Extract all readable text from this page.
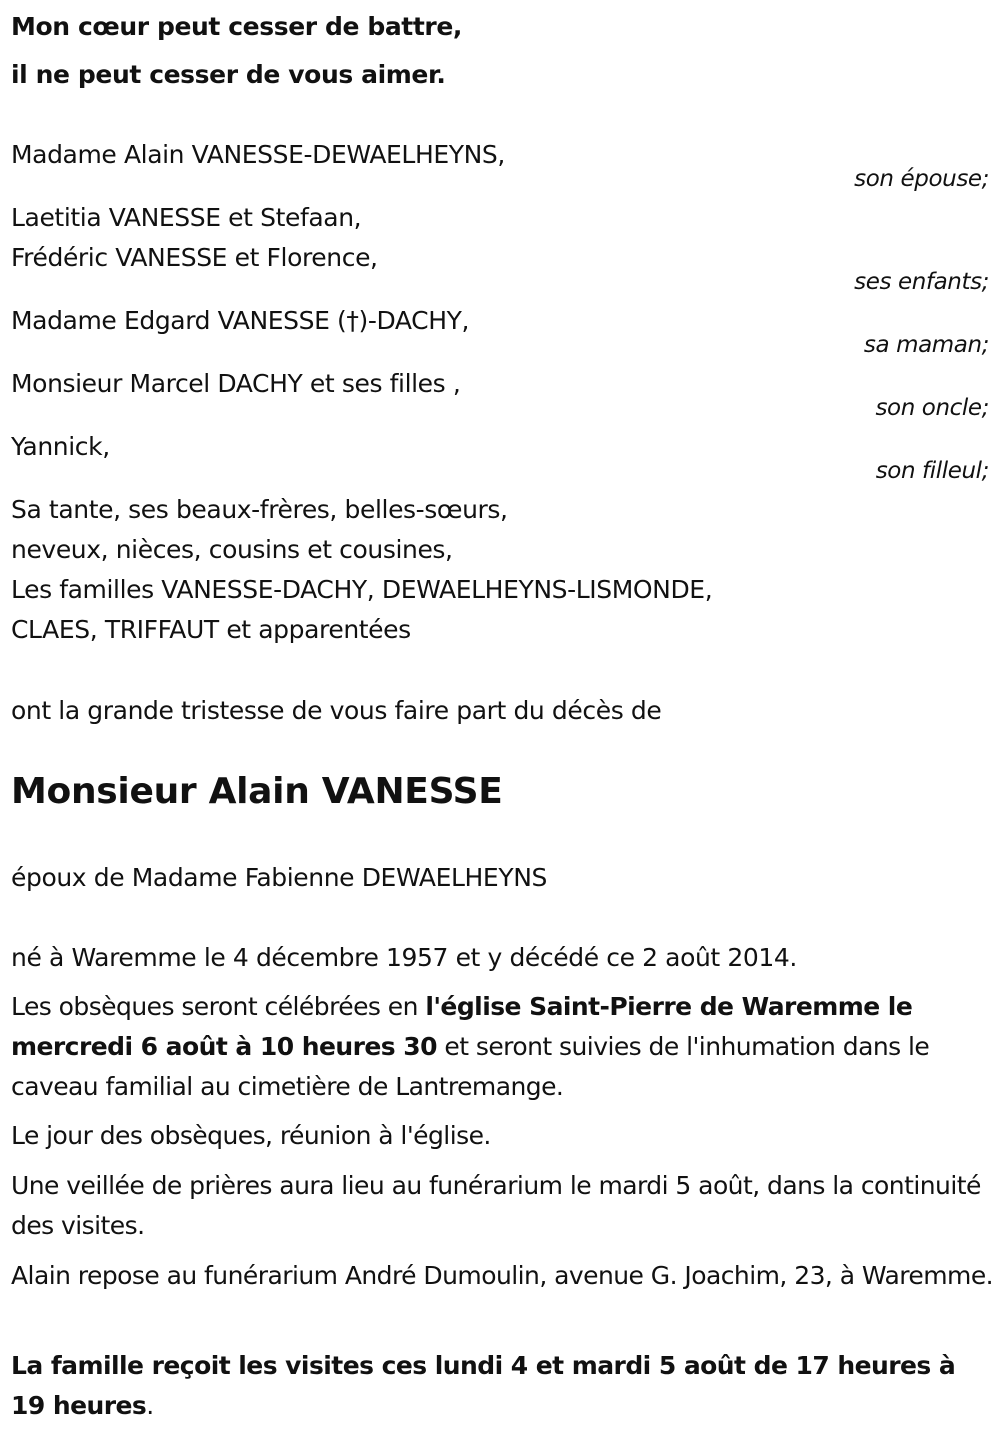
Mon cœur peut cesser de battre,
il ne peut cesser de vous aimer.
Madame Alain VANESSE-DEWAELHEYNS,
son épouse;
Laetitia VANESSE et Stefaan,
Frédéric VANESSE et Florence,
ses enfants;
Madame Edgard VANESSE (†)-DACHY,
sa maman;
Monsieur Marcel DACHY et ses filles ,
son oncle;
Yannick,
son filleul;
Sa tante, ses beaux-frères, belles-sœurs,
neveux, nièces, cousins et cousines,
Les familles VANESSE-DACHY, DEWAELHEYNS-LISMONDE,
CLAES, TRIFFAUT et apparentées
ont la grande tristesse de vous faire part du décès de
Monsieur Alain VANESSE
époux de Madame Fabienne DEWAELHEYNS
né à Waremme le 4 décembre 1957 et y décédé ce 2 août 2014.
Les obsèques seront célébrées en l'église Saint-Pierre de Waremme le mercredi 6 août à 10 heures 30 et seront suivies de l'inhumation dans le caveau familial au cimetière de Lantremange.
Le jour des obsèques, réunion à l'église.
Une veillée de prières aura lieu au funérarium le mardi 5 août, dans la continuité des visites.
Alain repose au funérarium André Dumoulin, avenue G. Joachim, 23, à Waremme.
La famille reçoit les visites ces lundi 4 et mardi 5 août de 17 heures à 19 heures.
